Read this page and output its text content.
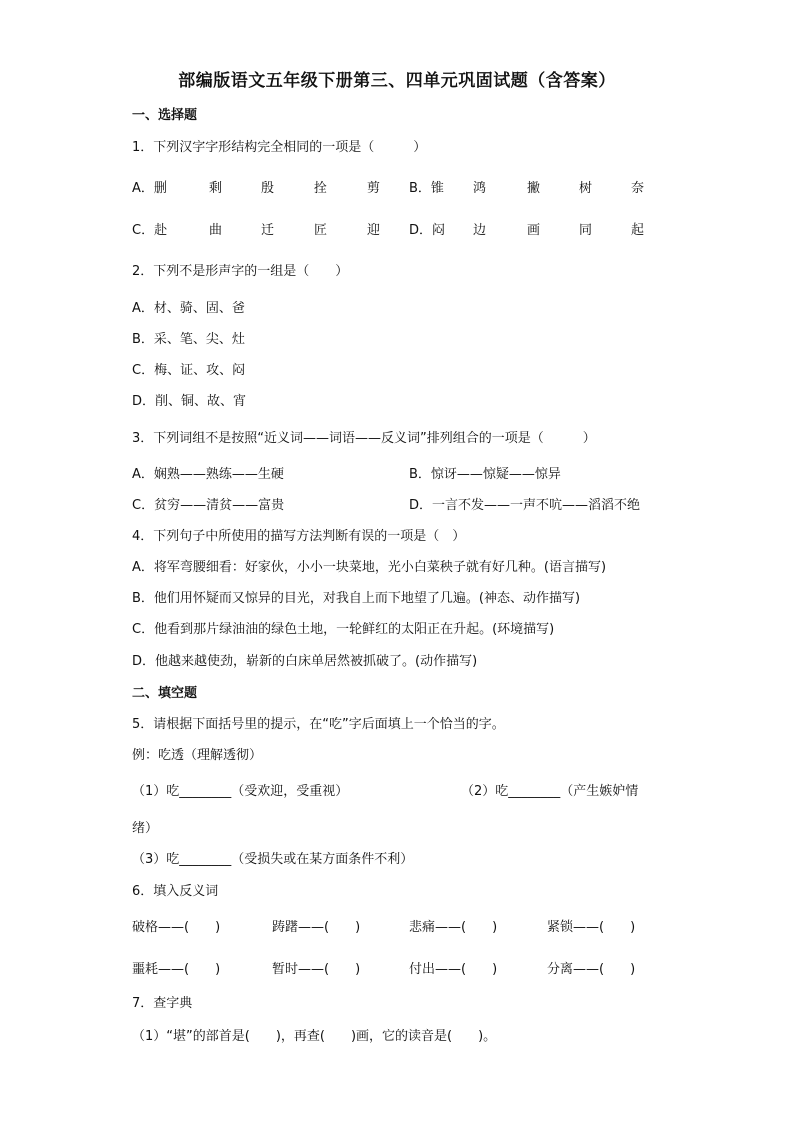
部编版语文五年级下册第三、四单元巩固试题（含答案）
一、选择题
1．下列汉字字形结构完全相同的一项是（　　　）
A．删	剩	殷	拴	剪 B．锥 鸿	撇	树	奈
C．赴	曲	迁	匠	迎 D．闷 边	画	同	起
2．下列不是形声字的一组是（　　）
A．材、骑、固、爸
B．采、笔、尖、灶
C．梅、证、攻、闷
D．削、铜、故、宵
3．下列词组不是按照“近义词——词语——反义词”排列组合的一项是（　　　）
A．娴熟——熟练——生硬	B．惊讶——惊疑——惊异
C．贫穷——清贫——富贵	D．一言不发——一声不吭——滔滔不绝
4．下列句子中所使用的描写方法判断有误的一项是（　）
A．将军弯腰细看：好家伙，小小一块菜地，光小白菜秧子就有好几种。(语言描写)
B．他们用怀疑而又惊异的目光，对我自上而下地望了几遍。(神态、动作描写)
C．他看到那片绿油油的绿色土地，一轮鲜红的太阳正在升起。(环境描写)
D．他越来越使劲，崭新的白床单居然被抓破了。(动作描写)
二、填空题
5．请根据下面括号里的提示，在“吃”字后面填上一个恰当的字。
例：吃透（理解透彻）
（1）吃________（受欢迎，受重视）	（2）吃________（产生嫉妒情
绪）
（3）吃________（受损失或在某方面条件不利）
6．填入反义词
破格——(　　)	踌躇——(　　)	悲痛——(　　)	紧锁——(　　)
噩耗——(　　)	暂时——(　　)	付出——(　　)	分离——(　　)
7．查字典
（1）“堪”的部首是(　　)，再查(　　)画，它的读音是(　　)。
